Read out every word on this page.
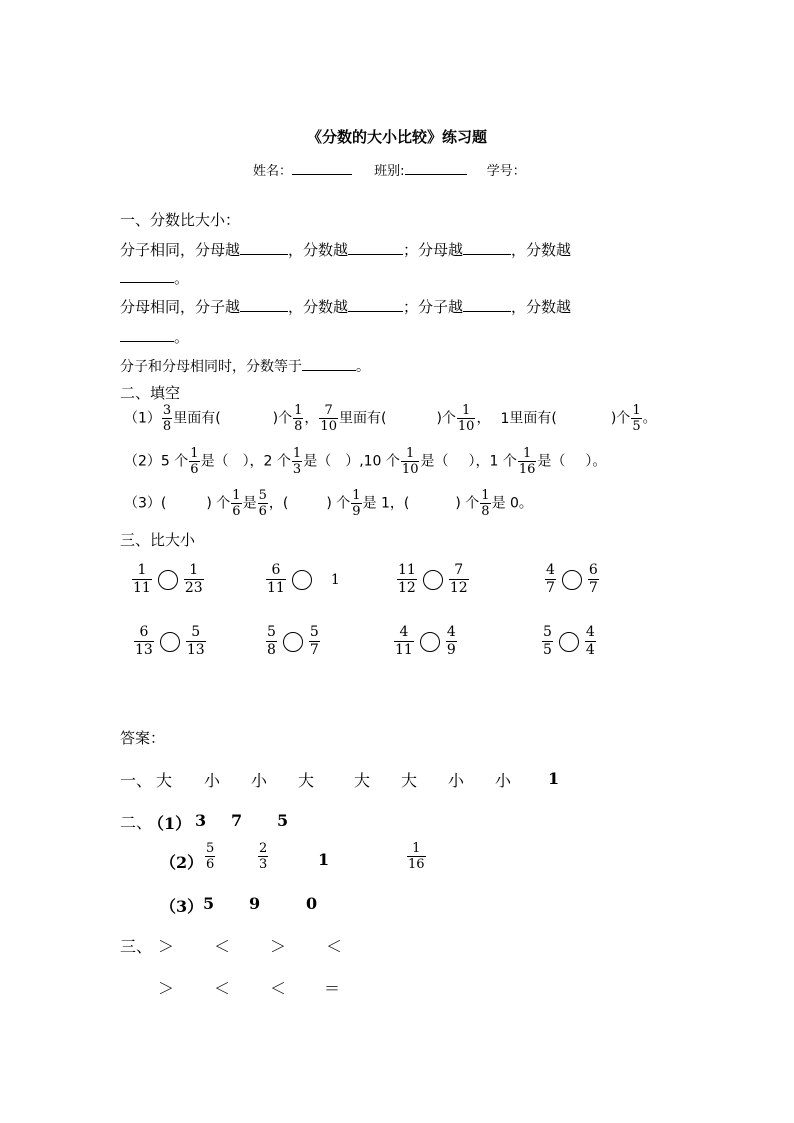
《分数的大小比较》练习题
姓名：	班别:	学号：
一、分数比大小：
分子相同，分母越	，分数越	；分母越	，分数越
。
分母相同，分子越	，分数越	；分子越	，分数越
。
分子和分母相同时，分数等于	。
二、填空
$(1) \frac{3}{8}$ 里面有(	)个 $\frac{1}{8}$ ， $\frac{7}{10}$ 里面有(	)个 $\frac{1}{10}$ ， 1里面有(	)个 $\frac{1}{5}$ 。
（2）5 个 $\frac{1}{6}$ 是（ ），2 个 $\frac{1}{3}$ 是（ ）,10 个 $\frac{1}{10}$ 是（ ），1 个 $\frac{1}{16}$ 是（ ）。
（3）(	) 个 $\frac{1}{6}$ 是 $\frac{5}{6}$ ，(	) 个 $\frac{1}{9}$ 是 1，(	) 个 $\frac{1}{8}$ 是 0。
三、比大小
$\frac{1}{11} \frac{1}{23}$	$\frac{6}{11}$	1	$\frac{11}{12} \frac{7}{12}$	$\frac{4}{7} \frac{6}{7}$
$\frac{6}{13} \frac{5}{13}$	$\frac{5}{8} \frac{5}{7}$	$\frac{4}{11} \frac{4}{9}$	$\frac{5}{5} \frac{4}{4}$
答案：
一、 大 小 小 大 大 大 小 小 1
二、
（1） 3 7 5
$(2) \frac{5}{6}$	$\frac{2}{3}$	1	$\frac{1}{16}$
（3） 5 9	0
三、 ＞ ＜ ＞ ＜
＞ ＜ ＜ ＝
